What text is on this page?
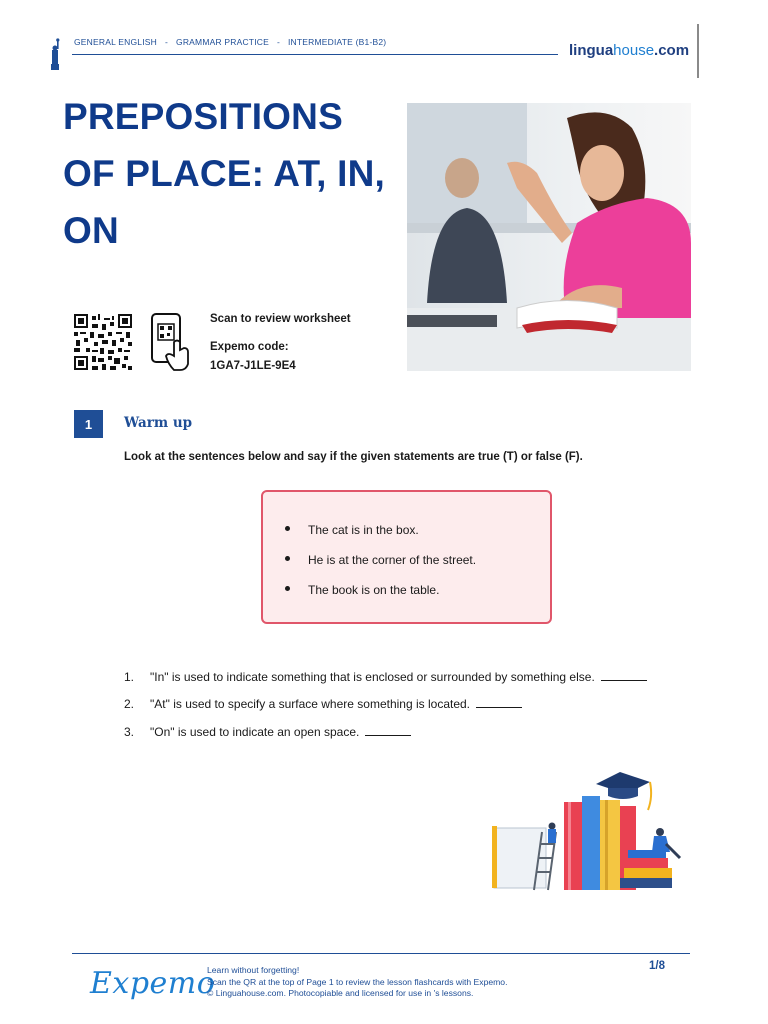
GENERAL ENGLISH - GRAMMAR PRACTICE - INTERMEDIATE (B1-B2)	linguahouse.com
PREPOSITIONS OF PLACE: AT, IN, ON
Scan to review worksheet
Expemo code:
1GA7-J1LE-9E4
1	Warm up
Look at the sentences below and say if the given statements are true (T) or false (F).
The cat is in the box.
He is at the corner of the street.
The book is on the table.
1. "In" is used to indicate something that is enclosed or surrounded by something else.
2. "At" is used to specify a surface where something is located.
3. "On" is used to indicate an open space.
Expemo
Learn without forgetting!
Scan the QR at the top of Page 1 to review the lesson flashcards with Expemo.
© Linguahouse.com. Photocopiable and licensed for use in 's lessons.
1/8
